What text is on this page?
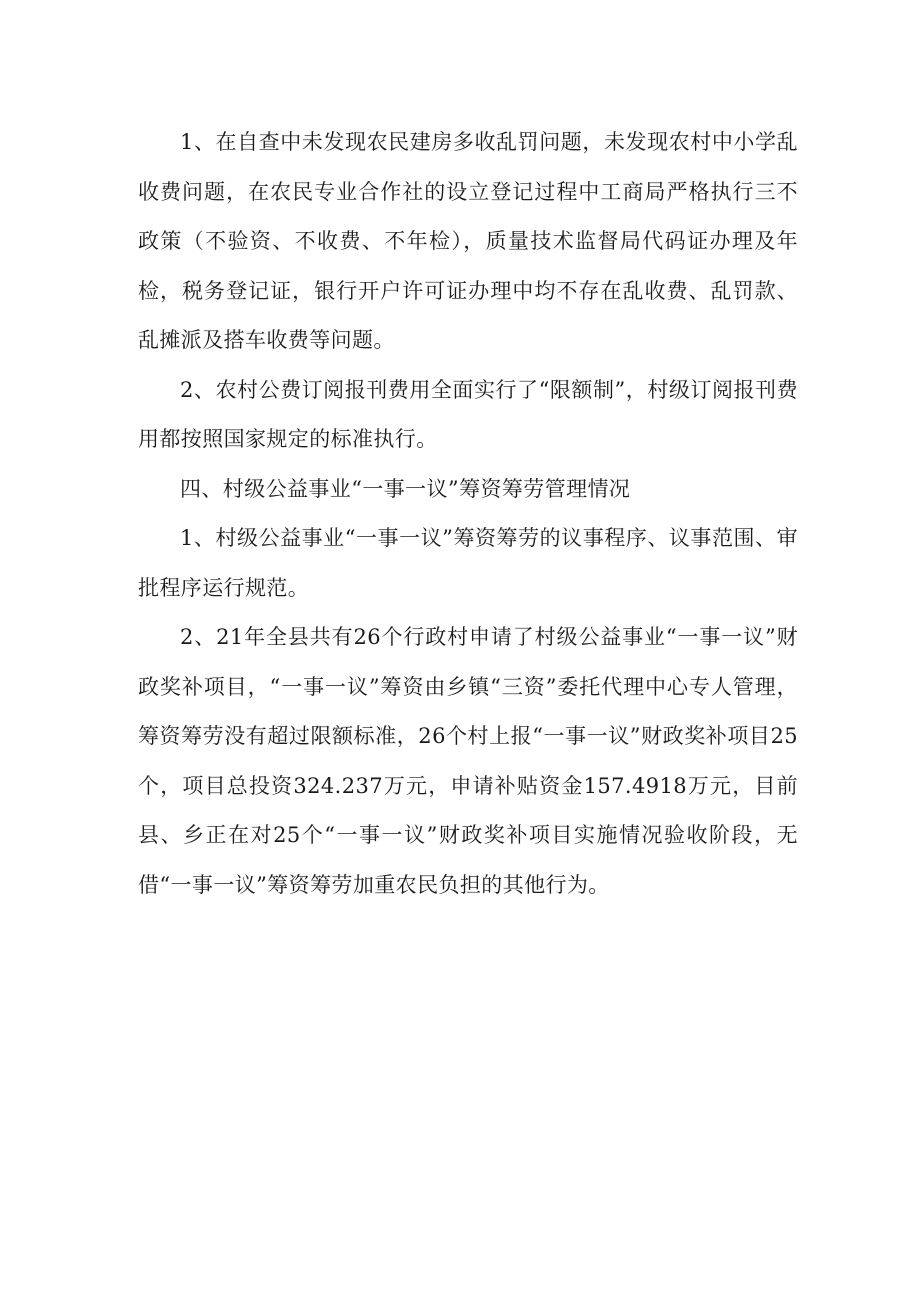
1、在自查中未发现农民建房多收乱罚问题，未发现农村中小学乱收费问题，在农民专业合作社的设立登记过程中工商局严格执行三不政策（不验资、不收费、不年检），质量技术监督局代码证办理及年检，税务登记证，银行开户许可证办理中均不存在乱收费、乱罚款、乱摊派及搭车收费等问题。

2、农村公费订阅报刊费用全面实行了“限额制”，村级订阅报刊费用都按照国家规定的标准执行。

四、村级公益事业“一事一议”筹资筹劳管理情况

1、村级公益事业“一事一议”筹资筹劳的议事程序、议事范围、审批程序运行规范。

2、21年全县共有26个行政村申请了村级公益事业“一事一议”财政奖补项目，“一事一议”筹资由乡镇“三资”委托代理中心专人管理，筹资筹劳没有超过限额标准，26个村上报“一事一议”财政奖补项目25个，项目总投资324.237万元，申请补贴资金157.4918万元，目前县、乡正在对25个“一事一议”财政奖补项目实施情况验收阶段，无借“一事一议”筹资筹劳加重农民负担的其他行为。
